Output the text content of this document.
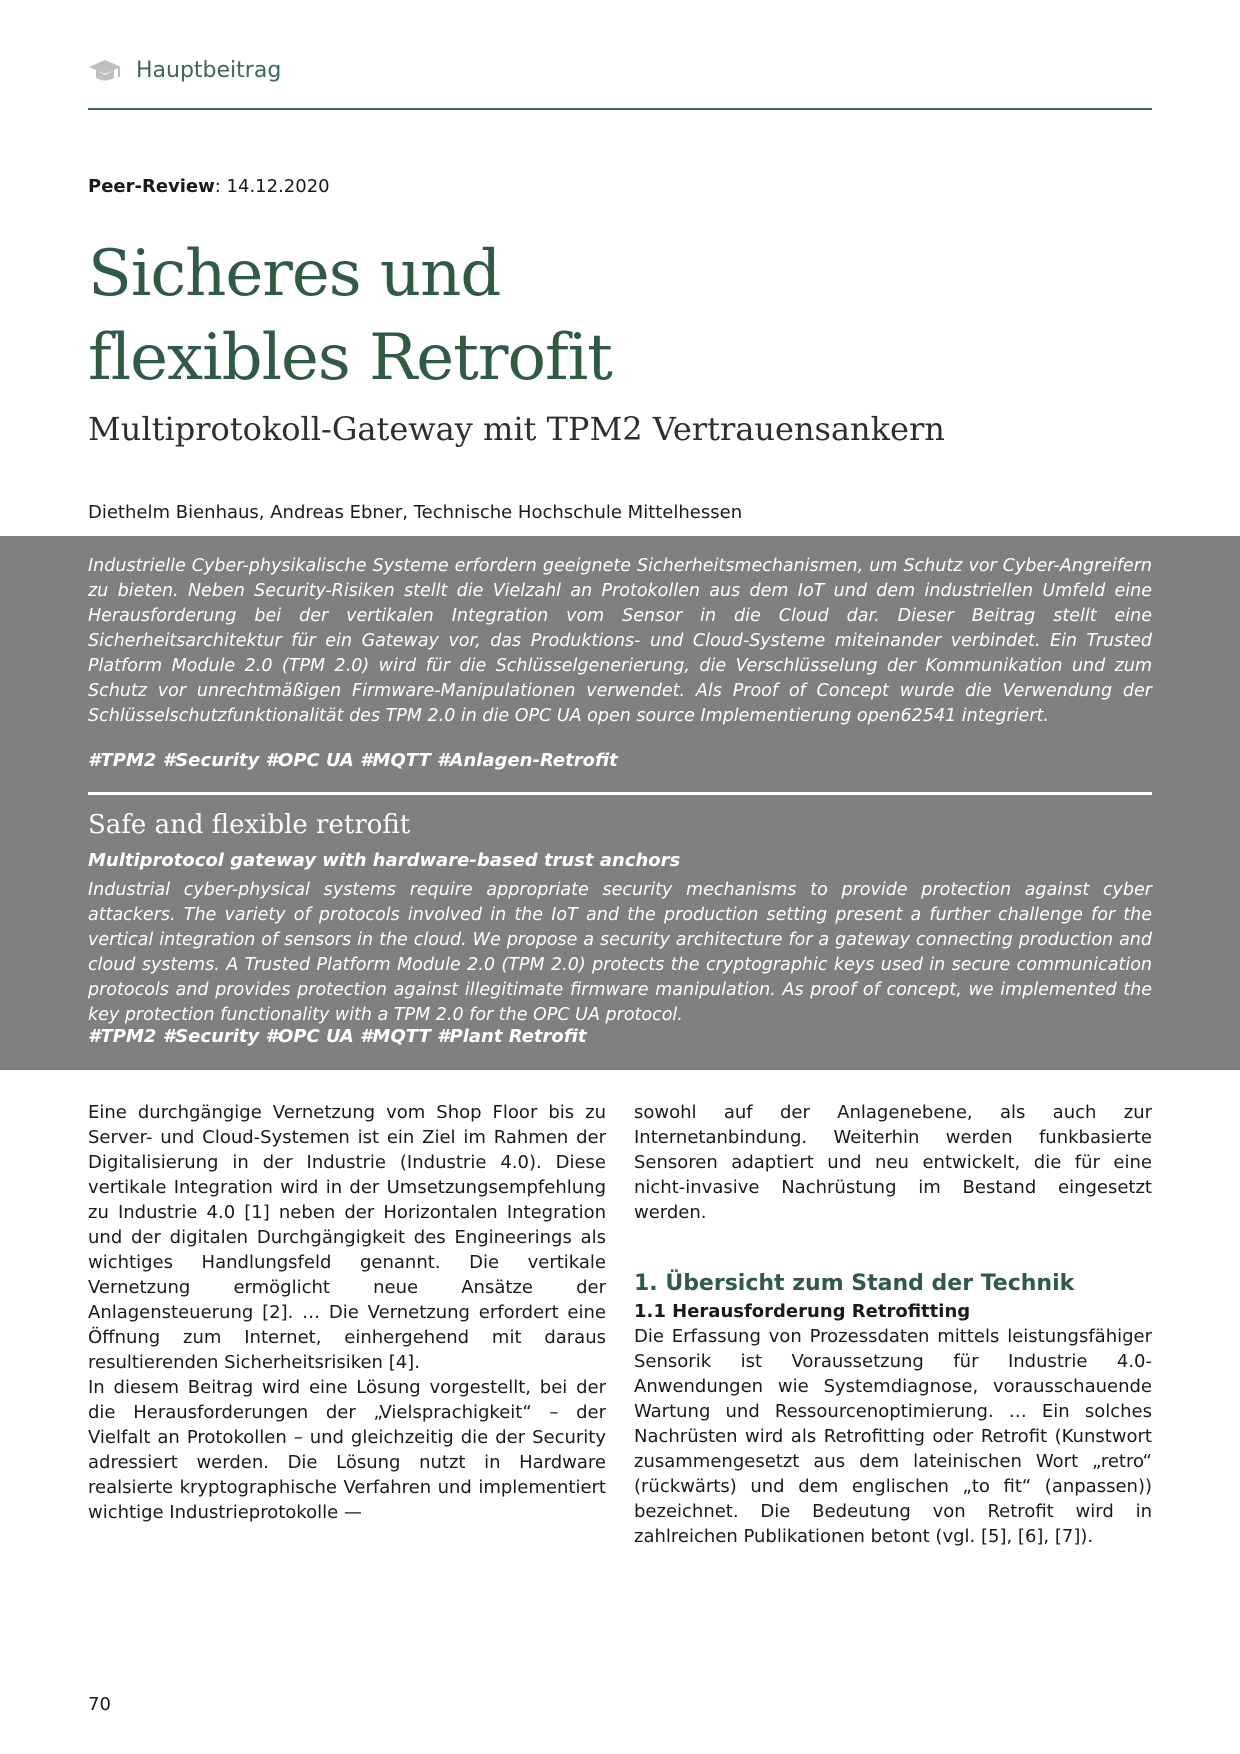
Hauptbeitrag
Peer-Review: 14.12.2020
Sicheres und
flexibles Retrofit
Multiprotokoll-Gateway mit TPM2 Vertrauensankern
Diethelm Bienhaus, Andreas Ebner, Technische Hochschule Mittelhessen
Industrielle Cyber-physikalische Systeme erfordern geeignete Sicherheitsmechanismen, um Schutz vor Cyber-Angreifern zu bieten. Neben Security-Risiken stellt die Vielzahl an Protokollen aus dem IoT und dem industriellen Umfeld eine Herausforderung bei der vertikalen Integration vom Sensor in die Cloud dar. Dieser Beitrag stellt eine Sicherheitsarchitektur für ein Gateway vor, das Produktions- und Cloud-Systeme miteinander verbindet. Ein Trusted Platform Module 2.0 (TPM 2.0) wird für die Schlüsselgenerierung, die Verschlüsselung der Kommunikation und zum Schutz vor unrechtmäßigen Firmware-Manipulationen verwendet. Als Proof of Concept wurde die Verwendung der Schlüsselschutzfunktionalität des TPM 2.0 in die OPC UA open source Implementierung open62541 integriert.
#TPM2 #Security #OPC UA #MQTT #Anlagen-Retrofit
Safe and flexible retrofit
Multiprotocol gateway with hardware-based trust anchors
Industrial cyber-physical systems require appropriate security mechanisms to provide protection against cyber attackers. The variety of protocols involved in the IoT and the production setting present a further challenge for the vertical integration of sensors in the cloud. We propose a security architecture for a gateway connecting production and cloud systems. A Trusted Platform Module 2.0 (TPM 2.0) protects the cryptographic keys used in secure communication protocols and provides protection against illegitimate firmware manipulation. As proof of concept, we implemented the key protection functionality with a TPM 2.0 for the OPC UA protocol.
#TPM2 #Security #OPC UA #MQTT #Plant Retrofit

Eine durchgängige Vernetzung vom Shop Floor bis zu Server- und Cloud-Systemen ist ein Ziel im Rahmen der Digitalisierung in der Industrie (Industrie 4.0). Diese vertikale Integration wird in der Umsetzungsempfehlung zu Industrie 4.0 [1] neben der Horizontalen Integration und der digitalen Durchgängigkeit des Engineerings als wichtiges Handlungsfeld genannt. Die vertikale Vernetzung ermöglicht neue Ansätze der Anlagensteuerung [2]. … Die Vernetzung erfordert eine Öffnung zum Internet, einhergehend mit daraus resultierenden Sicherheitsrisiken [4].

In diesem Beitrag wird eine Lösung vorgestellt, bei der die Herausforderungen der „Vielsprachigkeit“ – der Vielfalt an Protokollen – und gleichzeitig die der Security adressiert werden. Die Lösung nutzt in Hardware realsierte kryptographische Verfahren und implementiert wichtige Industrieprotokolle —

sowohl auf der Anlagenebene, als auch zur Internetanbindung. Weiterhin werden funkbasierte Sensoren adaptiert und neu entwickelt, die für eine nicht-invasive Nachrüstung im Bestand eingesetzt werden.

1. Übersicht zum Stand der Technik

1.1 Herausforderung Retrofitting

Die Erfassung von Prozessdaten mittels leistungsfähiger Sensorik ist Voraussetzung für Industrie 4.0-Anwendungen wie Systemdiagnose, vorausschauende Wartung und Ressourcenoptimierung. … Ein solches Nachrüsten wird als Retrofitting oder Retrofit (Kunstwort zusammengesetzt aus dem lateinischen Wort „retro“ (rückwärts) und dem englischen „to fit“ (anpassen)) bezeichnet. Die Bedeutung von Retrofit wird in zahlreichen Publikationen betont (vgl. [5], [6], [7]).

70
